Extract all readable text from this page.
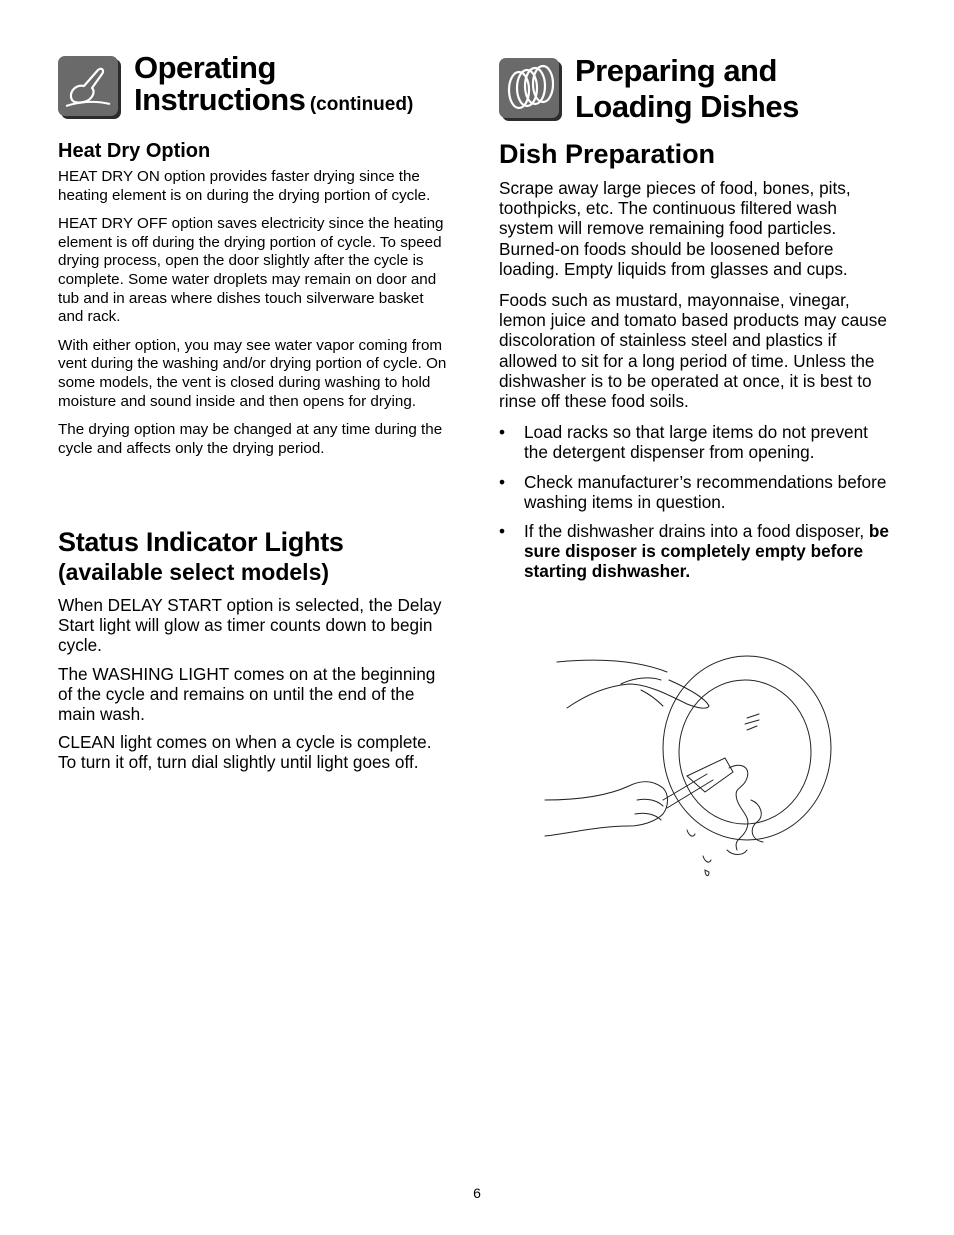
Operating
Instructions (continued)
Heat Dry Option

HEAT DRY ON option provides faster drying since the heating element is on during the drying portion of cycle.

HEAT DRY OFF option saves electricity since the heating element is off during the drying portion of cycle. To speed drying process, open the door slightly after the cycle is complete. Some water droplets may remain on door and tub and in areas where dishes touch silverware basket and rack.

With either option, you may see water vapor coming from vent during the washing and/or drying portion of cycle. On some models, the vent is closed during washing to hold moisture and sound inside and then opens for drying.

The drying option may be changed at any time during the cycle and affects only the drying period.

Status Indicator Lights
(available select models)

When DELAY START option is selected, the Delay Start light will glow as timer counts down to begin cycle.

The WASHING LIGHT comes on at the beginning of the cycle and remains on until the end of the main wash.

CLEAN light comes on when a cycle is complete. To turn it off, turn dial slightly until light goes off.

Preparing and
Loading Dishes
Dish Preparation

Scrape away large pieces of food, bones, pits, toothpicks, etc. The continuous filtered wash system will remove remaining food particles. Burned-on foods should be loosened before loading. Empty liquids from glasses and cups.

Foods such as mustard, mayonnaise, vinegar, lemon juice and tomato based products may cause discoloration of stainless steel and plastics if allowed to sit for a long period of time. Unless the dishwasher is to be operated at once, it is best to rinse off these food soils.

• Load racks so that large items do not prevent the detergent dispenser from opening.
• Check manufacturer’s recommendations before washing items in question.
• If the dishwasher drains into a food disposer, be sure disposer is completely empty before starting dishwasher.
6
